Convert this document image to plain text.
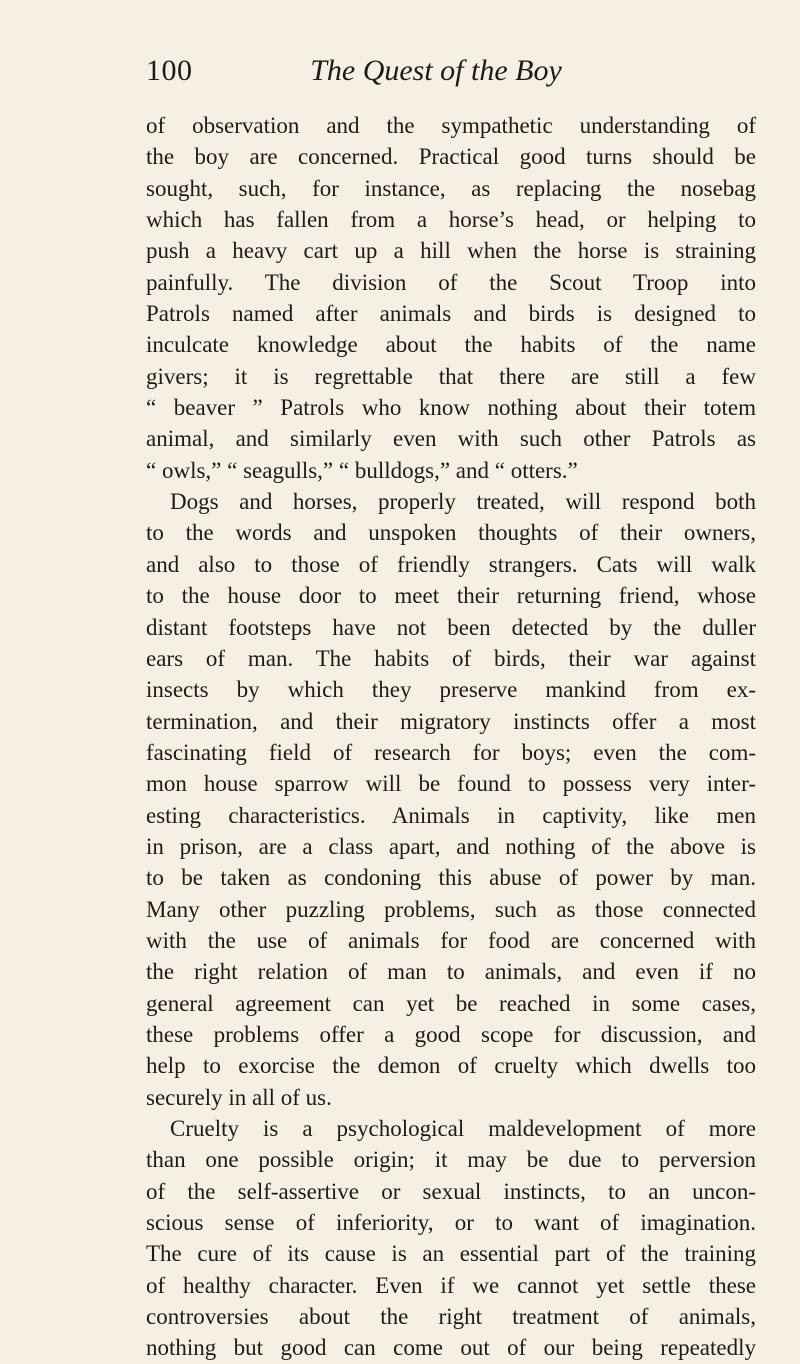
100	The Quest of the Boy
of observation and the sympathetic understanding of
the boy are concerned. Practical good turns should be
sought, such, for instance, as replacing the nosebag
which has fallen from a horse’s head, or helping to
push a heavy cart up a hill when the horse is straining
painfully. The division of the Scout Troop into
Patrols named after animals and birds is designed to
inculcate knowledge about the habits of the name
givers; it is regrettable that there are still a few
“ beaver ” Patrols who know nothing about their totem
animal, and similarly even with such other Patrols as
“ owls,” “ seagulls,” “ bulldogs,” and “ otters.”
Dogs and horses, properly treated, will respond both
to the words and unspoken thoughts of their owners,
and also to those of friendly strangers. Cats will walk
to the house door to meet their returning friend, whose
distant footsteps have not been detected by the duller
ears of man. The habits of birds, their war against
insects by which they preserve mankind from ex-
termination, and their migratory instincts offer a most
fascinating field of research for boys; even the com-
mon house sparrow will be found to possess very inter-
esting characteristics. Animals in captivity, like men
in prison, are a class apart, and nothing of the above is
to be taken as condoning this abuse of power by man.
Many other puzzling problems, such as those connected
with the use of animals for food are concerned with
the right relation of man to animals, and even if no
general agreement can yet be reached in some cases,
these problems offer a good scope for discussion, and
help to exorcise the demon of cruelty which dwells too
securely in all of us.
Cruelty is a psychological maldevelopment of more
than one possible origin; it may be due to perversion
of the self-assertive or sexual instincts, to an uncon-
scious sense of inferiority, or to want of imagination.
The cure of its cause is an essential part of the training
of healthy character. Even if we cannot yet settle these
controversies about the right treatment of animals,
nothing but good can come out of our being repeatedly
